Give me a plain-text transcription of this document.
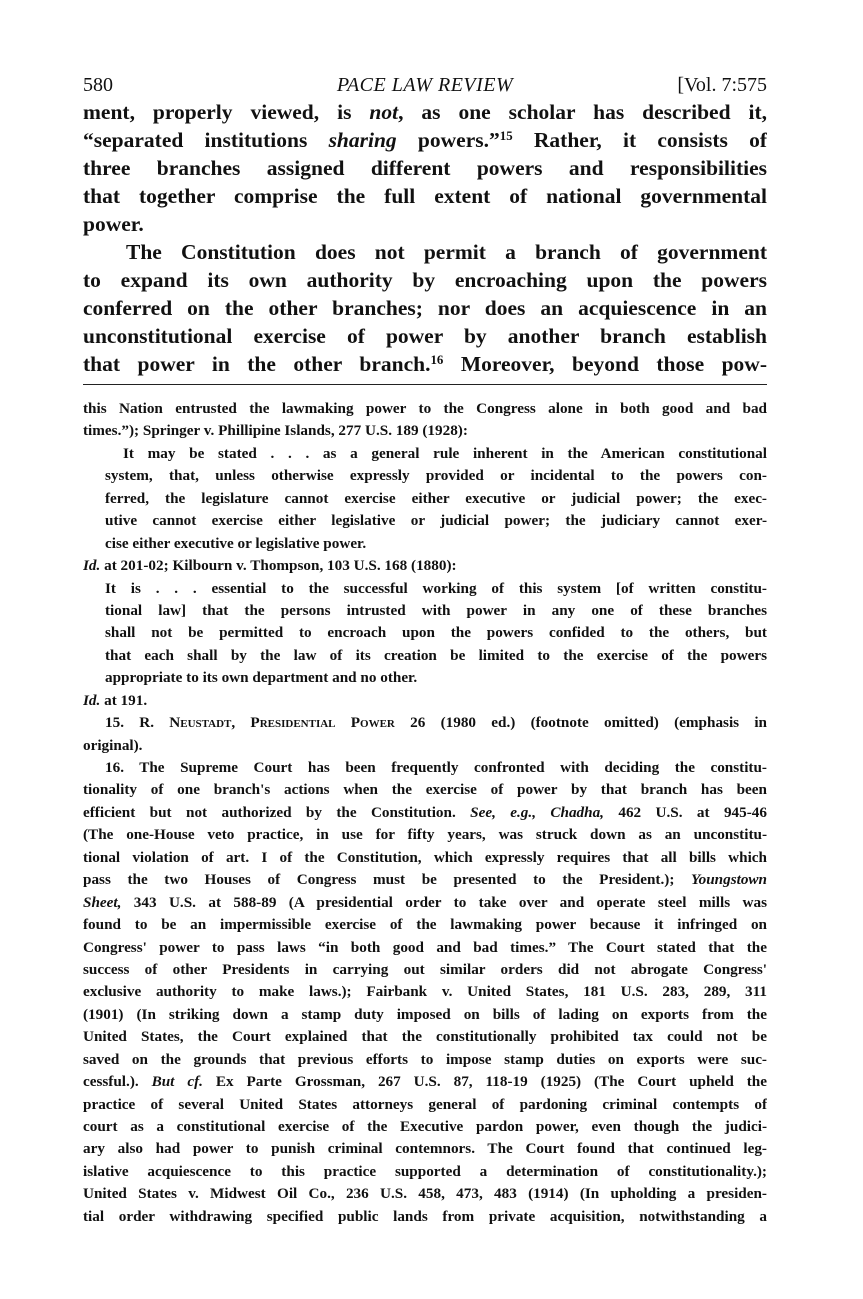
580	PACE LAW REVIEW	[Vol. 7:575
ment, properly viewed, is not, as one scholar has described it,
“separated institutions sharing powers.”$^{15}$ Rather, it consists of
three branches assigned different powers and responsibilities
that together comprise the full extent of national governmental
power.
The Constitution does not permit a branch of government
to expand its own authority by encroaching upon the powers
conferred on the other branches; nor does an acquiescence in an
unconstitutional exercise of power by another branch establish
that power in the other branch.$^{16}$ Moreover, beyond those pow-
this Nation entrusted the lawmaking power to the Congress alone in both good and bad
times.”); Springer v. Phillipine Islands, 277 U.S. 189 (1928):
It may be stated . . . as a general rule inherent in the American constitutional
system, that, unless otherwise expressly provided or incidental to the powers con-
ferred, the legislature cannot exercise either executive or judicial power; the exec-
utive cannot exercise either legislative or judicial power; the judiciary cannot exer-
cise either executive or legislative power.
Id. at 201-02; Kilbourn v. Thompson, 103 U.S. 168 (1880):
It is . . . essential to the successful working of this system [of written constitu-
tional law] that the persons intrusted with power in any one of these branches
shall not be permitted to encroach upon the powers confided to the others, but
that each shall by the law of its creation be limited to the exercise of the powers
appropriate to its own department and no other.
Id. at 191.
15. R. Neustadt, Presidential Power 26 (1980 ed.) (footnote omitted) (emphasis in
original).
16. The Supreme Court has been frequently confronted with deciding the constitu-
tionality of one branch's actions when the exercise of power by that branch has been
efficient but not authorized by the Constitution. See, e.g., Chadha, 462 U.S. at 945-46
(The one-House veto practice, in use for fifty years, was struck down as an unconstitu-
tional violation of art. I of the Constitution, which expressly requires that all bills which
pass the two Houses of Congress must be presented to the President.); Youngstown
Sheet, 343 U.S. at 588-89 (A presidential order to take over and operate steel mills was
found to be an impermissible exercise of the lawmaking power because it infringed on
Congress' power to pass laws “in both good and bad times.” The Court stated that the
success of other Presidents in carrying out similar orders did not abrogate Congress'
exclusive authority to make laws.); Fairbank v. United States, 181 U.S. 283, 289, 311
(1901) (In striking down a stamp duty imposed on bills of lading on exports from the
United States, the Court explained that the constitutionally prohibited tax could not be
saved on the grounds that previous efforts to impose stamp duties on exports were suc-
cessful.). But cf. Ex Parte Grossman, 267 U.S. 87, 118-19 (1925) (The Court upheld the
practice of several United States attorneys general of pardoning criminal contempts of
court as a constitutional exercise of the Executive pardon power, even though the judici-
ary also had power to punish criminal contemnors. The Court found that continued leg-
islative acquiescence to this practice supported a determination of constitutionality.);
United States v. Midwest Oil Co., 236 U.S. 458, 473, 483 (1914) (In upholding a presiden-
tial order withdrawing specified public lands from private acquisition, notwithstanding a
